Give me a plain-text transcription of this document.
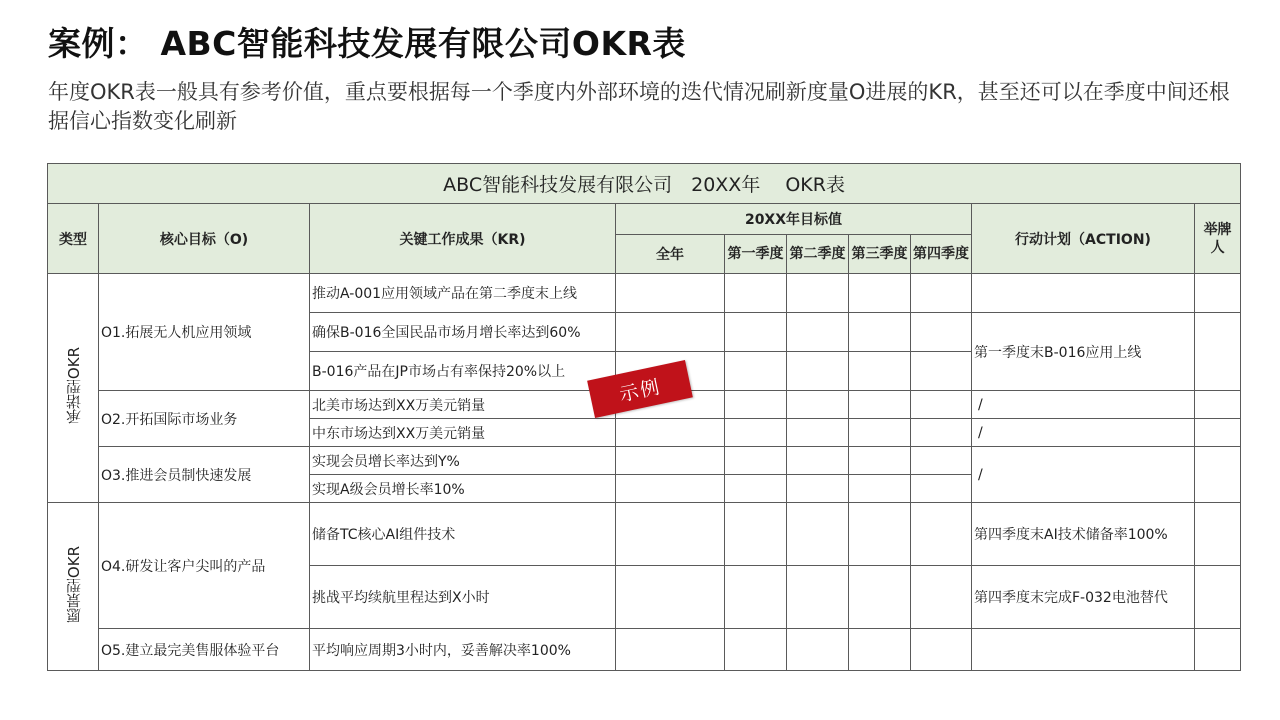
案例： ABC智能科技发展有限公司OKR表

年度OKR表一般具有参考价值，重点要根据每一个季度内外部环境的迭代情况刷新度量O进展的KR，甚至还可以在季度中间还根据信心指数变化刷新

ABC智能科技发展有限公司　20XX年　 OKR表									
类型	核心目标（O)	关键工作成果（KR)	20XX年目标值					行动计划（ACTION)	举牌人
			全年	第一季度	第二季度	第三季度	第四季度		
承诺型OKR	O1.拓展无人机应用领域	推动A-001应用领域产品在第二季度末上线							
		确保B-016全国民品市场月增长率达到60%						第一季度末B-016应用上线	
		B-016产品在JP市场占有率保持20%以上							
	O2.开拓国际市场业务	北美市场达到XX万美元销量						/	
		中东市场达到XX万美元销量						/	
	O3.推进会员制快速发展	实现会员增长率达到Y%						/	
		实现A级会员增长率10%							
愿景型OKR	O4.研发让客户尖叫的产品	储备TC核心AI组件技术						第四季度末AI技术储备率100%	
		挑战平均续航里程达到X小时						第四季度末完成F-032电池替代	
	O5.建立最完美售服体验平台	平均响应周期3小时内，妥善解决率100%							
示例
